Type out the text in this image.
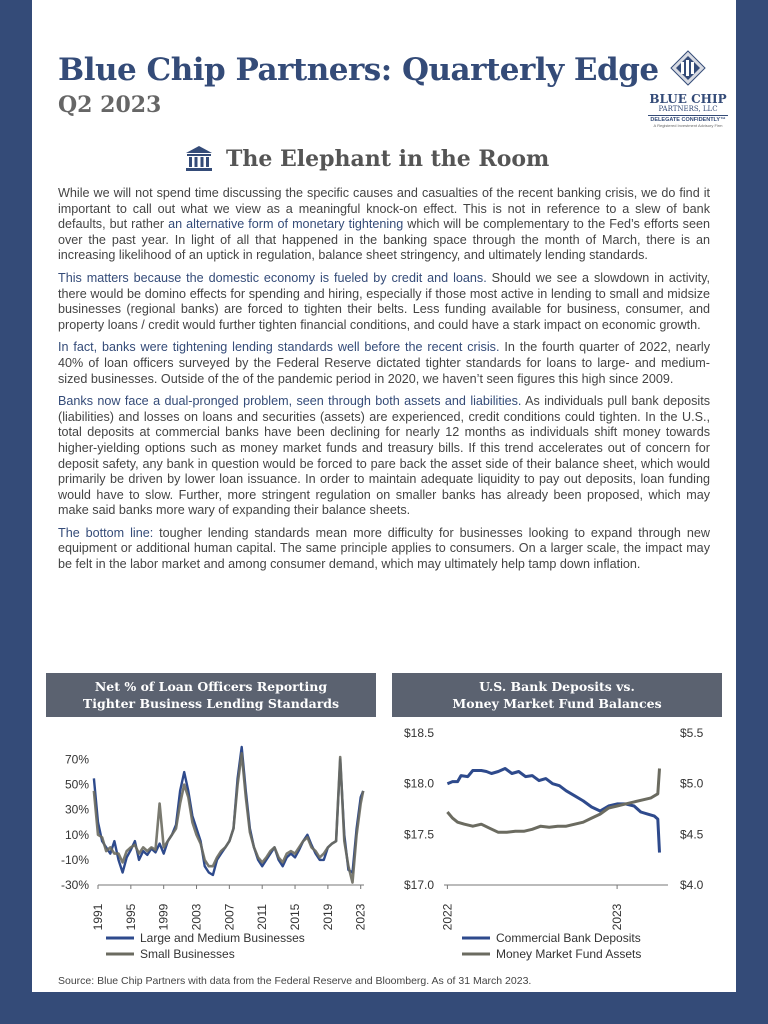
Blue Chip Partners: Quarterly Edge
Q2 2023	BLUE CHIP
PARTNERS, LLC
DELEGATE CONFIDENTLY™
A Registered Investment Advisory Firm
The Elephant in the Room

While we will not spend time discussing the specific causes and casualties of the recent banking crisis, we do find it important to call out what we view as a meaningful knock-on effect. This is not in reference to a slew of bank defaults, but rather an alternative form of monetary tightening which will be complementary to the Fed’s efforts seen over the past year. In light of all that happened in the banking space through the month of March, there is an increasing likelihood of an uptick in regulation, balance sheet stringency, and ultimately lending standards.

This matters because the domestic economy is fueled by credit and loans. Should we see a slowdown in activity, there would be domino effects for spending and hiring, especially if those most active in lending to small and midsize businesses (regional banks) are forced to tighten their belts. Less funding available for business, consumer, and property loans / credit would further tighten financial conditions, and could have a stark impact on economic growth.

In fact, banks were tightening lending standards well before the recent crisis. In the fourth quarter of 2022, nearly 40% of loan officers surveyed by the Federal Reserve dictated tighter standards for loans to large- and medium-sized businesses. Outside of the of the pandemic period in 2020, we haven’t seen figures this high since 2009.

Banks now face a dual-pronged problem, seen through both assets and liabilities. As individuals pull bank deposits (liabilities) and losses on loans and securities (assets) are experienced, credit conditions could tighten. In the U.S., total deposits at commercial banks have been declining for nearly 12 months as individuals shift money towards higher-yielding options such as money market funds and treasury bills. If this trend accelerates out of concern for deposit safety, any bank in question would be forced to pare back the asset side of their balance sheet, which would primarily be driven by lower loan issuance. In order to maintain adequate liquidity to pay out deposits, loan funding would have to slow. Further, more stringent regulation on smaller banks has already been proposed, which may make said banks more wary of expanding their balance sheets.

The bottom line: tougher lending standards mean more difficulty for businesses looking to expand through new equipment or additional human capital. The same principle applies to consumers. On a larger scale, the impact may be felt in the labor market and among consumer demand, which may ultimately help tamp down inflation.

Net % of Loan Officers Reporting
Tighter Business Lending Standards
70%
50%
30%
10%
-10%
-30%
1991 1995 1999 2003 2007 2011 2015 2019 2023
Large and Medium Businesses
Small Businesses
U.S. Bank Deposits vs.
Money Market Fund Balances
$18.5
$18.0
$17.5
$17.0
$5.5
$5.0
$4.5
$4.0
2022	2023
Commercial Bank Deposits
Money Market Fund Assets
Source: Blue Chip Partners with data from the Federal Reserve and Bloomberg. As of 31 March 2023.
